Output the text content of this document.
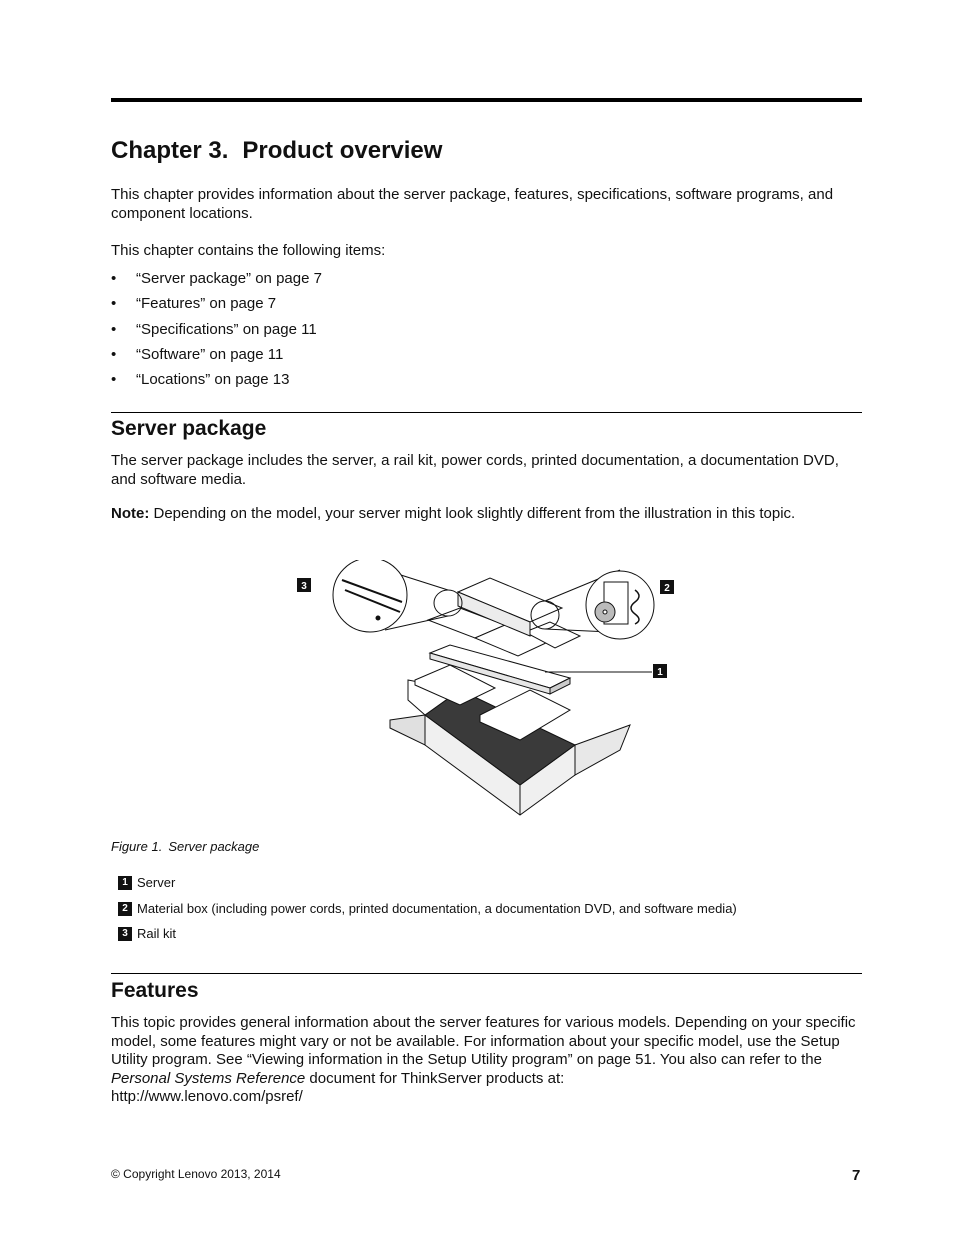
Chapter 3. Product overview

This chapter provides information about the server package, features, specifications, software programs, and component locations.

This chapter contains the following items:

• “Server package” on page 7
• “Features” on page 7
• “Specifications” on page 11
• “Software” on page 11
• “Locations” on page 13
Server package

The server package includes the server, a rail kit, power cords, printed documentation, a documentation DVD, and software media.

Note: Depending on the model, your server might look slightly different from the illustration in this topic.

3	2
1
Figure 1. Server package
1 Server
2 Material box (including power cords, printed documentation, a documentation DVD, and software media)
3 Rail kit
Features

This topic provides general information about the server features for various models. Depending on your specific model, some features might vary or not be available. For information about your specific model, use the Setup Utility program. See “Viewing information in the Setup Utility program” on page 51. You also can refer to the Personal Systems Reference document for ThinkServer products at:
http://www.lenovo.com/psref/

© Copyright Lenovo 2013, 2014	7
